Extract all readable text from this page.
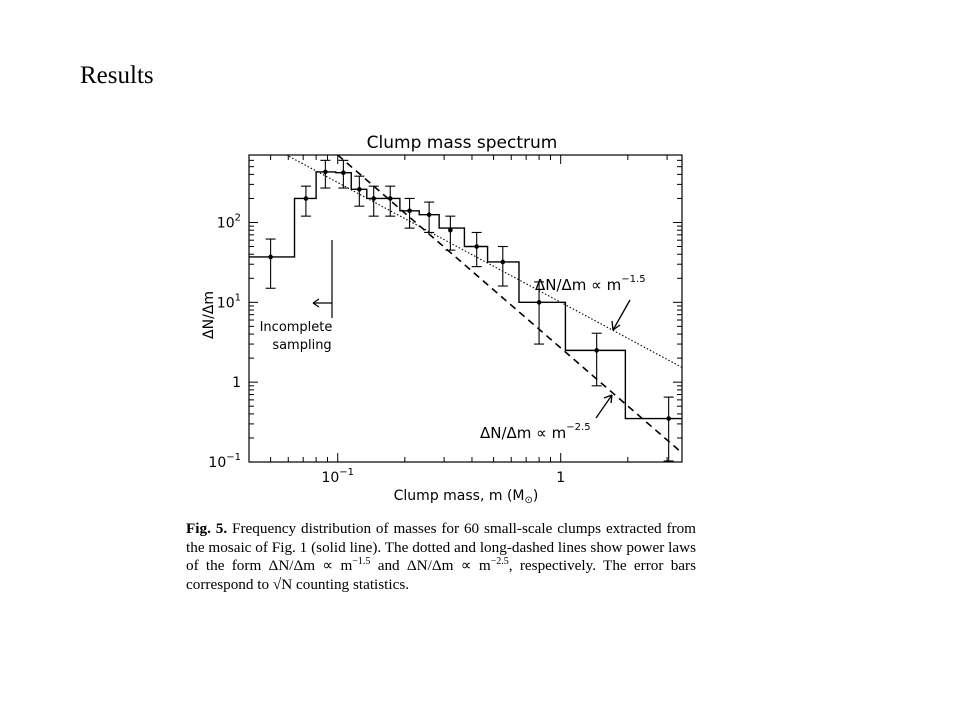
Results
Clump mass spectrum
$10^{-1}$	1
$10^{-1}$
1
$10^1$
$10^2$
ΔN/Δm
Clump mass, m $(M_⊙)$
$\Delta N/\Delta m \propto m^{-1.5}$
$\Delta N/\Delta m \propto m^{-2.5}$
Incomplete
sampling
Fig. 5. Frequency distribution of masses for 60 small-scale clumps extracted from the mosaic of Fig. 1 (solid line). The dotted and long-dashed lines show power laws of the form $\Delta N/\Delta m \propto m^{-1.5}$ and $\Delta N/\Delta m \propto m^{-2.5}$, respectively. The error bars correspond to √N counting statistics.
